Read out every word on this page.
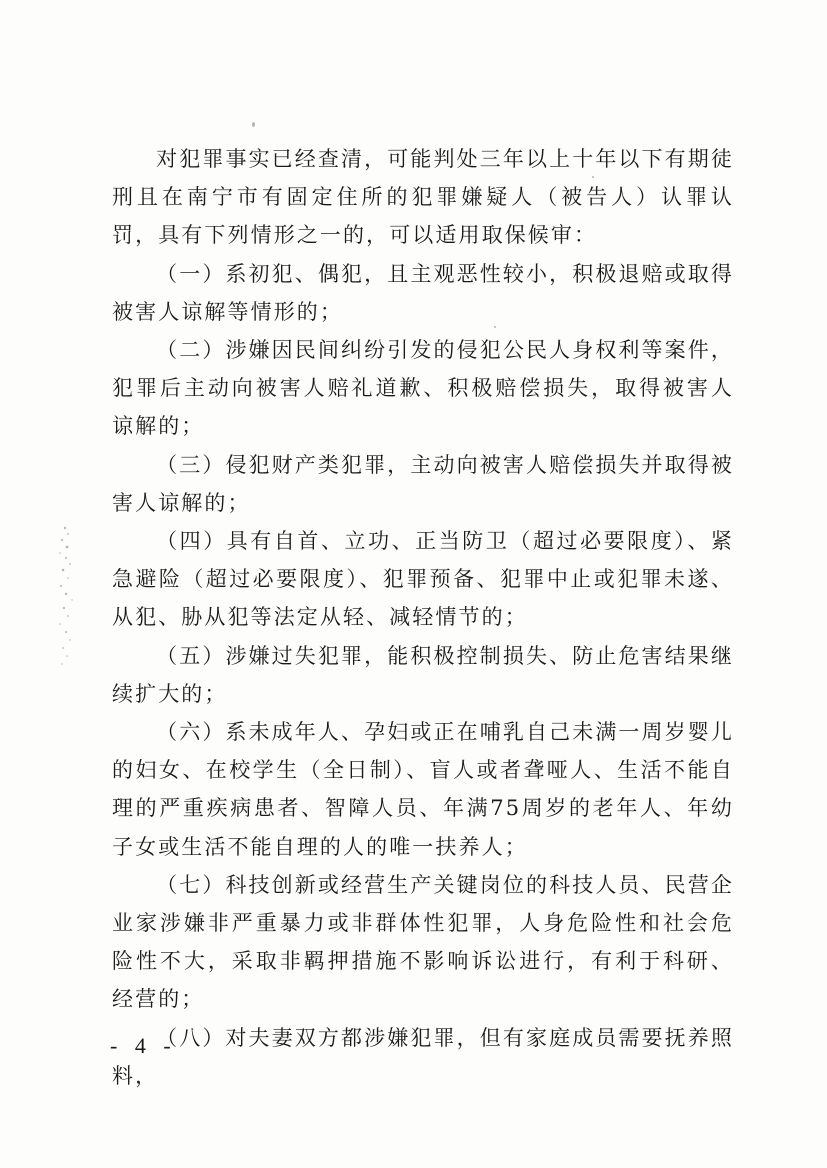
对犯罪事实已经查清，可能判处三年以上十年以下有期徒刑且在南宁市有固定住所的犯罪嫌疑人（被告人）认罪认罚，具有下列情形之一的，可以适用取保候审：

（一）系初犯、偶犯，且主观恶性较小，积极退赔或取得被害人谅解等情形的；

（二）涉嫌因民间纠纷引发的侵犯公民人身权利等案件，犯罪后主动向被害人赔礼道歉、积极赔偿损失，取得被害人谅解的；

（三）侵犯财产类犯罪，主动向被害人赔偿损失并取得被害人谅解的；

（四）具有自首、立功、正当防卫（超过必要限度）、紧急避险（超过必要限度）、犯罪预备、犯罪中止或犯罪未遂、从犯、胁从犯等法定从轻、减轻情节的；

（五）涉嫌过失犯罪，能积极控制损失、防止危害结果继续扩大的；

（六）系未成年人、孕妇或正在哺乳自己未满一周岁婴儿的妇女、在校学生（全日制）、盲人或者聋哑人、生活不能自理的严重疾病患者、智障人员、年满75周岁的老年人、年幼子女或生活不能自理的人的唯一扶养人；

（七）科技创新或经营生产关键岗位的科技人员、民营企业家涉嫌非严重暴力或非群体性犯罪，人身危险性和社会危险性不大，采取非羁押措施不影响诉讼进行，有利于科研、经营的；

（八）对夫妻双方都涉嫌犯罪，但有家庭成员需要抚养照料，

- 4 -
